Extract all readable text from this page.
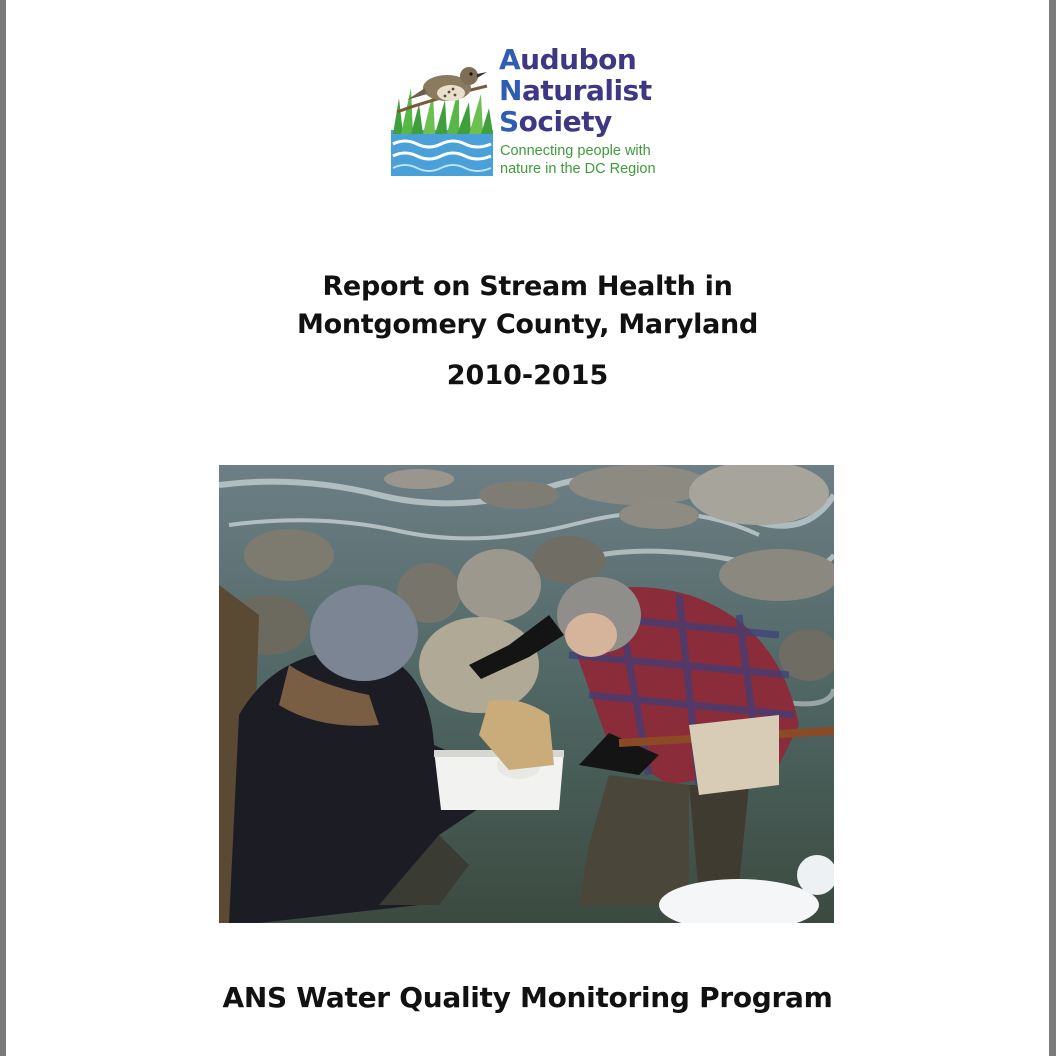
Audubon
Naturalist
Society
Connecting people with
nature in the DC Region
Report on Stream Health in
Montgomery County, Maryland
2010-2015
ANS Water Quality Monitoring Program
